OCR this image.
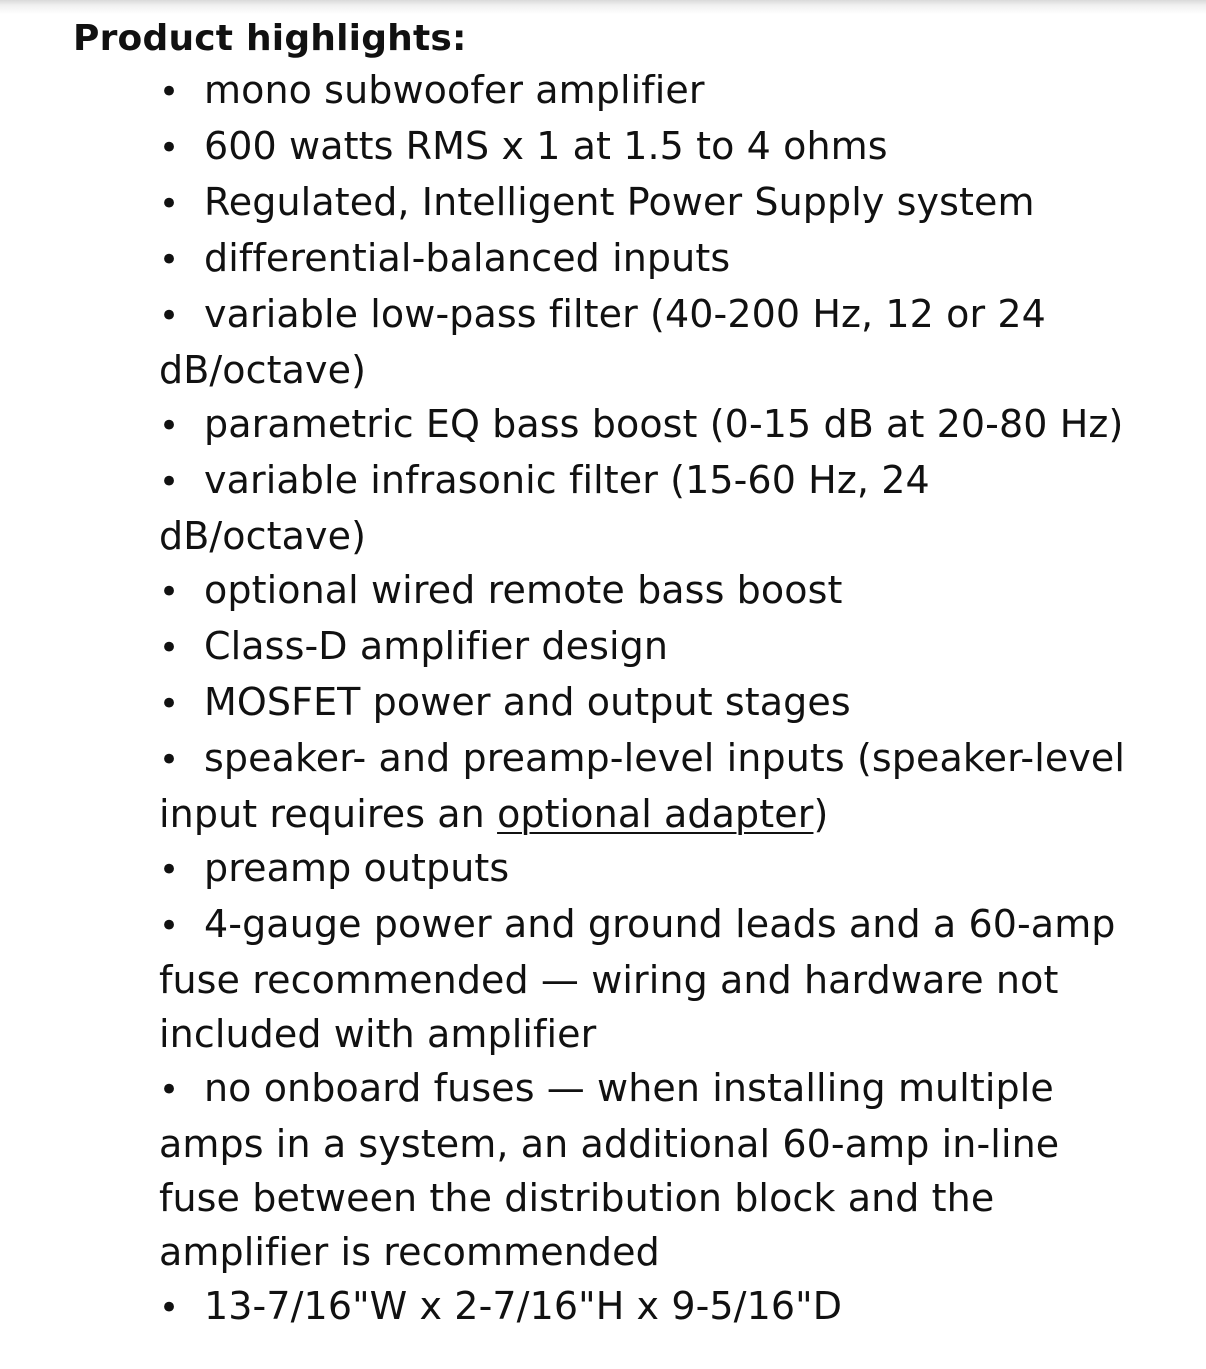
Product highlights:
• mono subwoofer amplifier
• 600 watts RMS x 1 at 1.5 to 4 ohms
• Regulated, Intelligent Power Supply system
• differential-balanced inputs
• variable low-pass filter (40-200 Hz, 12 or 24 dB/octave)
• parametric EQ bass boost (0-15 dB at 20-80 Hz)
• variable infrasonic filter (15-60 Hz, 24 dB/octave)
• optional wired remote bass boost
• Class-D amplifier design
• MOSFET power and output stages
• speaker- and preamp-level inputs (speaker-level input requires an optional adapter)
• preamp outputs
• 4-gauge power and ground leads and a 60-amp fuse recommended — wiring and hardware not included with amplifier
• no onboard fuses — when installing multiple amps in a system, an additional 60-amp in-line fuse between the distribution block and the amplifier is recommended
• 13-7/16"W x 2-7/16"H x 9-5/16"D
